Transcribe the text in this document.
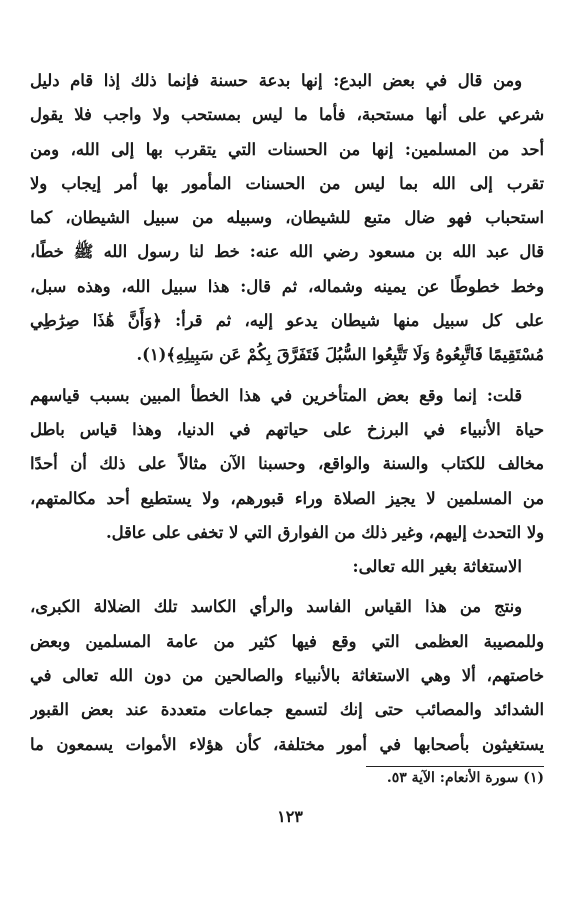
ومن قال في بعض البدع: إنها بدعة حسنة فإنما ذلك إذا قام دليل
شرعي على أنها مستحبة، فأما ما ليس بمستحب ولا واجب فلا يقول
أحد من المسلمين: إنها من الحسنات التي يتقرب بها إلى الله، ومن
تقرب إلى الله بما ليس من الحسنات المأمور بها أمر إيجاب ولا
استحباب فهو ضال متبع للشيطان، وسبيله من سبيل الشيطان، كما
قال عبد الله بن مسعود رضي الله عنه: خط لنا رسول الله ﷺ خطًا،
وخط خطوطًا عن يمينه وشماله، ثم قال: هذا سبيل الله، وهذه سبل،
على كل سبيل منها شيطان يدعو إليه، ثم قرأ: ﴿وَأَنَّ هَٰذَا صِرَٰطِي
مُسْتَقِيمًا فَاتَّبِعُوهُ وَلَا تَتَّبِعُوا السُّبُلَ فَتَفَرَّقَ بِكُمْ عَن سَبِيلِهِ﴾(١).
قلت: إنما وقع بعض المتأخرين في هذا الخطأ المبين بسبب قياسهم
حياة الأنبياء في البرزخ على حياتهم في الدنيا، وهذا قياس باطل
مخالف للكتاب والسنة والواقع، وحسبنا الآن مثالاً على ذلك أن أحدًا
من المسلمين لا يجيز الصلاة وراء قبورهم، ولا يستطيع أحد مكالمتهم،
ولا التحدث إليهم، وغير ذلك من الفوارق التي لا تخفى على عاقل.
الاستغاثة بغير الله تعالى:
ونتج من هذا القياس الفاسد والرأي الكاسد تلك الضلالة الكبرى،
وللمصيبة العظمى التي وقع فيها كثير من عامة المسلمين وبعض
خاصتهم، ألا وهي الاستغاثة بالأنبياء والصالحين من دون الله تعالى في
الشدائد والمصائب حتى إنك لتسمع جماعات متعددة عند بعض القبور
يستغيثون بأصحابها في أمور مختلفة، كأن هؤلاء الأموات يسمعون ما
(١) سورة الأنعام: الآية ٥٣.
١٢٣
